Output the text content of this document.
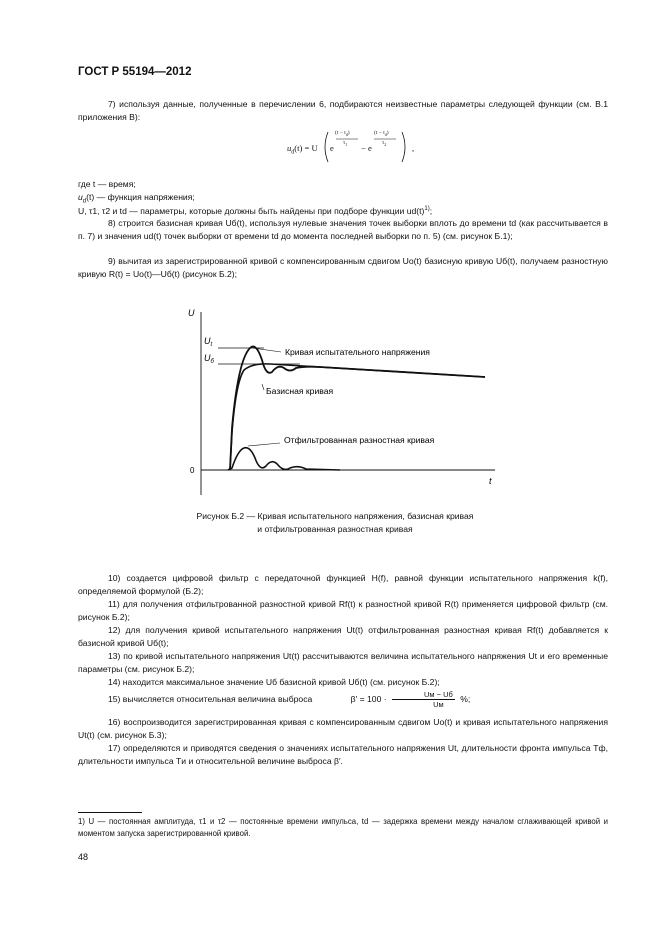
ГОСТ Р 55194—2012
7) используя данные, полученные в перечислении 6, подбираются неизвестные параметры следующей функции (см. В.1 приложения В):
$u_d(t) = U$ e
$(t - t_d)$
$\tau_1 - e$
$(t - t_d)$
$\tau_2$	,
где t — время;
$u_d(t)$ — функция напряжения;
U, τ1, τ2 и td — параметры, которые должны быть найдены при подборе функции $ud(t)^{1)}$;
8) строится базисная кривая Uб(t), используя нулевые значения точек выборки вплоть до времени td (как рассчитывается в п. 7) и значения ud(t) точек выборки от времени td до момента последней выборки по п. 5) (см. рисунок Б.1);
9) вычитая из зарегистрированной кривой с компенсированным сдвигом Uo(t) базисную кривую Uб(t), получаем разностную кривую R(t) = Uo(t)—Uб(t) (рисунок Б.2);
U
t
0
$U_t$
$U_б$
Кривая испытательного напряжения
Базисная кривая
Отфильтрованная разностная кривая
Рисунок Б.2 — Кривая испытательного напряжения, базисная кривая
и отфильтрованная разностная кривая
10) создается цифровой фильтр с передаточной функцией H(f), равной функции испытательного напряжения k(f), определяемой формулой (Б.2);
11) для получения отфильтрованной разностной кривой Rf(t) к разностной кривой R(t) применяется цифровой фильтр (см. рисунок Б.2);
12) для получения кривой испытательного напряжения Ut(t) отфильтрованная разностная кривая Rf(t) добавляется к базисной кривой Uб(t);
13) по кривой испытательного напряжения Ut(t) рассчитываются величина испытательного напряжения Ut и его временные параметры (см. рисунок Б.2);
14) находится максимальное значение Uб базисной кривой Uб(t) (см. рисунок Б.2);
15) вычисляется относительная величина выброса	β′ = 100 ·	Uм − Uб
Uм
%;
16) воспроизводится зарегистрированная кривая с компенсированным сдвигом Uo(t) и кривая испытательного напряжения Ut(t) (см. рисунок Б.3);
17) определяются и приводятся сведения о значениях испытательного напряжения Ut, длительности фронта импульса Tф, длительности импульса Tи и относительной величине выброса β′.
1) U — постоянная амплитуда, τ1 и τ2 — постоянные времени импульса, td — задержка времени между началом сглаживающей кривой и моментом запуска зарегистрированной кривой.
48
